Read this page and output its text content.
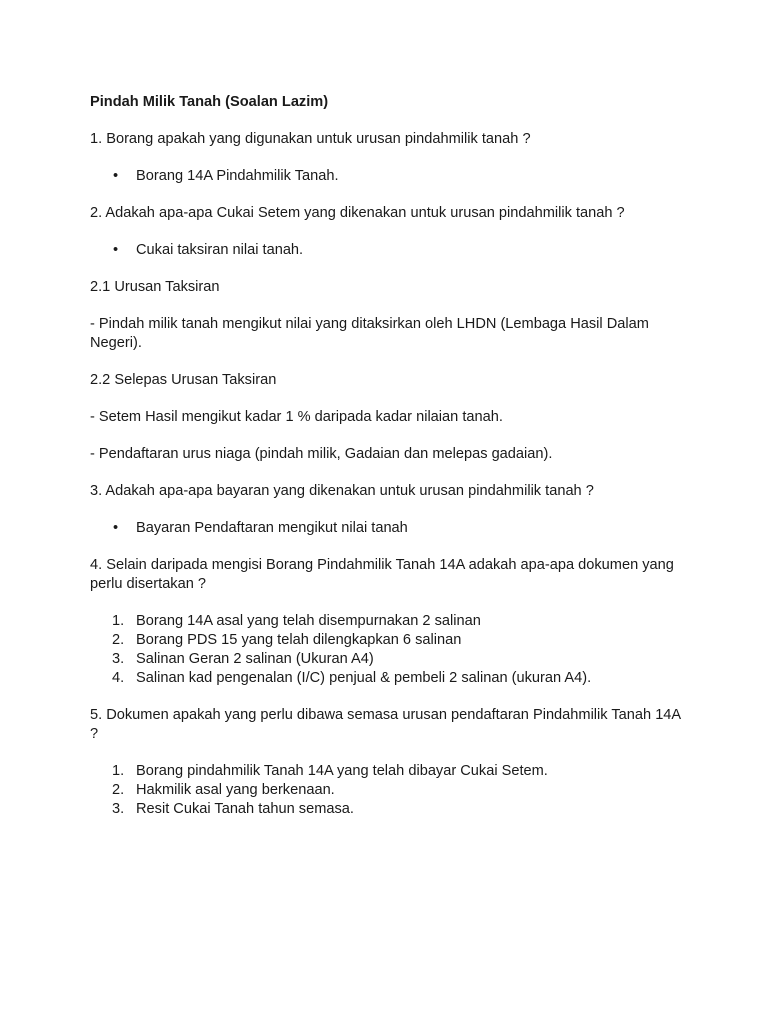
Pindah Milik Tanah (Soalan Lazim)

1. Borang apakah yang digunakan untuk urusan pindahmilik tanah ?

• Borang 14A Pindahmilik Tanah.

2. Adakah apa-apa Cukai Setem yang dikenakan untuk urusan pindahmilik tanah ?

• Cukai taksiran nilai tanah.

2.1 Urusan Taksiran

- Pindah milik tanah mengikut nilai yang ditaksirkan oleh LHDN (Lembaga Hasil Dalam Negeri).

2.2 Selepas Urusan Taksiran

- Setem Hasil mengikut kadar 1 % daripada kadar nilaian tanah.

- Pendaftaran urus niaga (pindah milik, Gadaian dan melepas gadaian).

3. Adakah apa-apa bayaran yang dikenakan untuk urusan pindahmilik tanah ?

• Bayaran Pendaftaran mengikut nilai tanah

4. Selain daripada mengisi Borang Pindahmilik Tanah 14A adakah apa-apa dokumen yang perlu disertakan ?

1. Borang 14A asal yang telah disempurnakan 2 salinan
2. Borang PDS 15 yang telah dilengkapkan 6 salinan
3. Salinan Geran 2 salinan (Ukuran A4)
4. Salinan kad pengenalan (I/C) penjual & pembeli 2 salinan (ukuran A4).

5. Dokumen apakah yang perlu dibawa semasa urusan pendaftaran Pindahmilik Tanah 14A ?

1. Borang pindahmilik Tanah 14A yang telah dibayar Cukai Setem.
2. Hakmilik asal yang berkenaan.
3. Resit Cukai Tanah tahun semasa.
